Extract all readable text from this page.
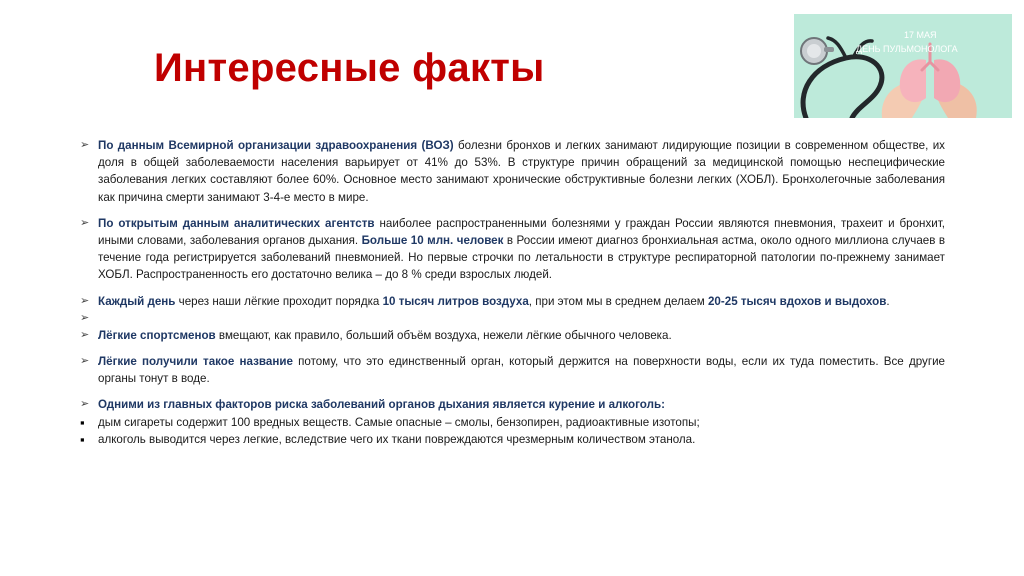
Интересные факты
17 МАЯ
ДЕНЬ ПУЛЬМОНОЛОГА
➢ По данным Всемирной организации здравоохранения (ВОЗ) болезни бронхов и легких занимают лидирующие позиции в современном обществе, их доля в общей заболеваемости населения варьирует от 41% до 53%. В структуре причин обращений за медицинской помощью неспецифические заболевания легких составляют более 60%. Основное место занимают хронические обструктивные болезни легких (ХОБЛ). Бронхолегочные заболевания как причина смерти занимают 3-4-е место в мире.
➢ По открытым данным аналитических агентств наиболее распространенными болезнями у граждан России являются пневмония, трахеит и бронхит, иными словами, заболевания органов дыхания. Больше 10 млн. человек в России имеют диагноз бронхиальная астма, около одного миллиона случаев в течение года регистрируется заболеваний пневмонией. Но первые строчки по летальности в структуре респираторной патологии по-прежнему занимает ХОБЛ. Распространенность его достаточно велика – до 8 % среди взрослых людей.
➢ Каждый день через наши лёгкие проходит порядка 10 тысяч литров воздуха, при этом мы в среднем делаем 20-25 тысяч вдохов и выдохов.
➢
➢ Лёгкие спортсменов вмещают, как правило, больший объём воздуха, нежели лёгкие обычного человека.
➢ Лёгкие получили такое название потому, что это единственный орган, который держится на поверхности воды, если их туда поместить. Все другие органы тонут в воде.
➢ Одними из главных факторов риска заболеваний органов дыхания является курение и алкоголь:
▪	дым сигареты содержит 100 вредных веществ. Самые опасные – смолы, бензопирен, радиоактивные изотопы;
▪	алкоголь выводится через легкие, вследствие чего их ткани повреждаются чрезмерным количеством этанола.
